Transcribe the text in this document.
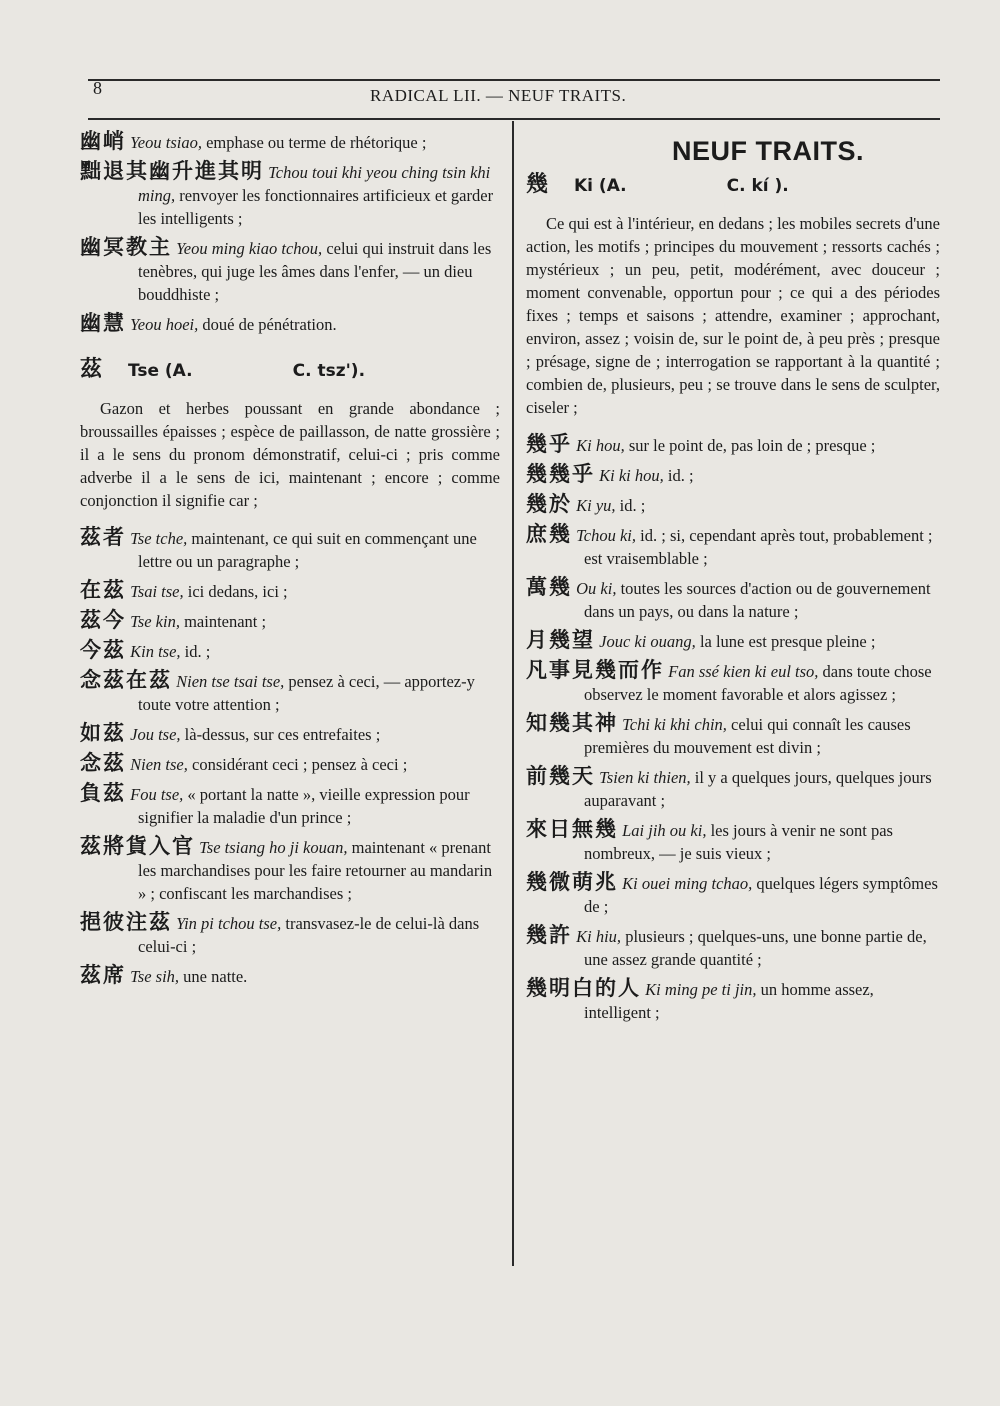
8	RADICAL LII. — NEUF TRAITS.

幽峭 Yeou tsiao, emphase ou terme de rhétorique ;

黜退其幽升進其明 Tchou toui khi yeou ching tsin khi ming, renvoyer les fonctionnaires artificieux et garder les intelligents ;

幽冥教主 Yeou ming kiao tchou, celui qui instruit dans les tenèbres, qui juge les âmes dans l'enfer, — un dieu bouddhiste ;

幽慧 Yeou hoei, doué de pénétration.

茲	Tse (A.	C. tsz').

Gazon et herbes poussant en grande abondance ; broussailles épaisses ; espèce de paillasson, de natte grossière ; il a le sens du pronom démonstratif, celui-ci ; pris comme adverbe il a le sens de ici, maintenant ; encore ; comme conjonction il signifie car ;

茲者 Tse tche, maintenant, ce qui suit en commençant une lettre ou un paragraphe ;

在茲 Tsai tse, ici dedans, ici ;

茲今 Tse kin, maintenant ;

今茲 Kin tse, id. ;

念茲在茲 Nien tse tsai tse, pensez à ceci, — apportez-y toute votre attention ;

如茲 Jou tse, là-dessus, sur ces entrefaites ;

念茲 Nien tse, considérant ceci ; pensez à ceci ;

負茲 Fou tse, « portant la natte », vieille expression pour signifier la maladie d'un prince ;

茲將貨入官 Tse tsiang ho ji kouan, maintenant « prenant les marchandises pour les faire retourner au mandarin » ; confiscant les marchandises ;

挹彼注茲 Yin pi tchou tse, transvasez-le de celui-là dans celui-ci ;

茲席 Tse sih, une natte.

NEUF TRAITS.
幾	Ki (A.	C. kí ).

Ce qui est à l'intérieur, en dedans ; les mobiles secrets d'une action, les motifs ; principes du mouvement ; ressorts cachés ; mystérieux ; un peu, petit, modérément, avec douceur ; moment convenable, opportun pour ; ce qui a des périodes fixes ; temps et saisons ; attendre, examiner ; approchant, environ, assez ; voisin de, sur le point de, à peu près ; presque ; présage, signe de ; interrogation se rapportant à la quantité ; combien de, plusieurs, peu ; se trouve dans le sens de sculpter, ciseler ;

幾乎 Ki hou, sur le point de, pas loin de ; presque ;

幾幾乎 Ki ki hou, id. ;

幾於 Ki yu, id. ;

庶幾 Tchou ki, id. ; si, cependant après tout, probablement ; est vraisemblable ;

萬幾 Ou ki, toutes les sources d'action ou de gouvernement dans un pays, ou dans la nature ;

月幾望 Jouc ki ouang, la lune est presque pleine ;

凡事見幾而作 Fan ssé kien ki eul tso, dans toute chose observez le moment favorable et alors agissez ;

知幾其神 Tchi ki khi chin, celui qui connaît les causes premières du mouvement est divin ;

前幾天 Tsien ki thien, il y a quelques jours, quelques jours auparavant ;

來日無幾 Lai jih ou ki, les jours à venir ne sont pas nombreux, — je suis vieux ;

幾微萌兆 Ki ouei ming tchao, quelques légers symptômes de ;

幾許 Ki hiu, plusieurs ; quelques-uns, une bonne partie de, une assez grande quantité ;

幾明白的人 Ki ming pe ti jin, un homme assez, intelligent ;
